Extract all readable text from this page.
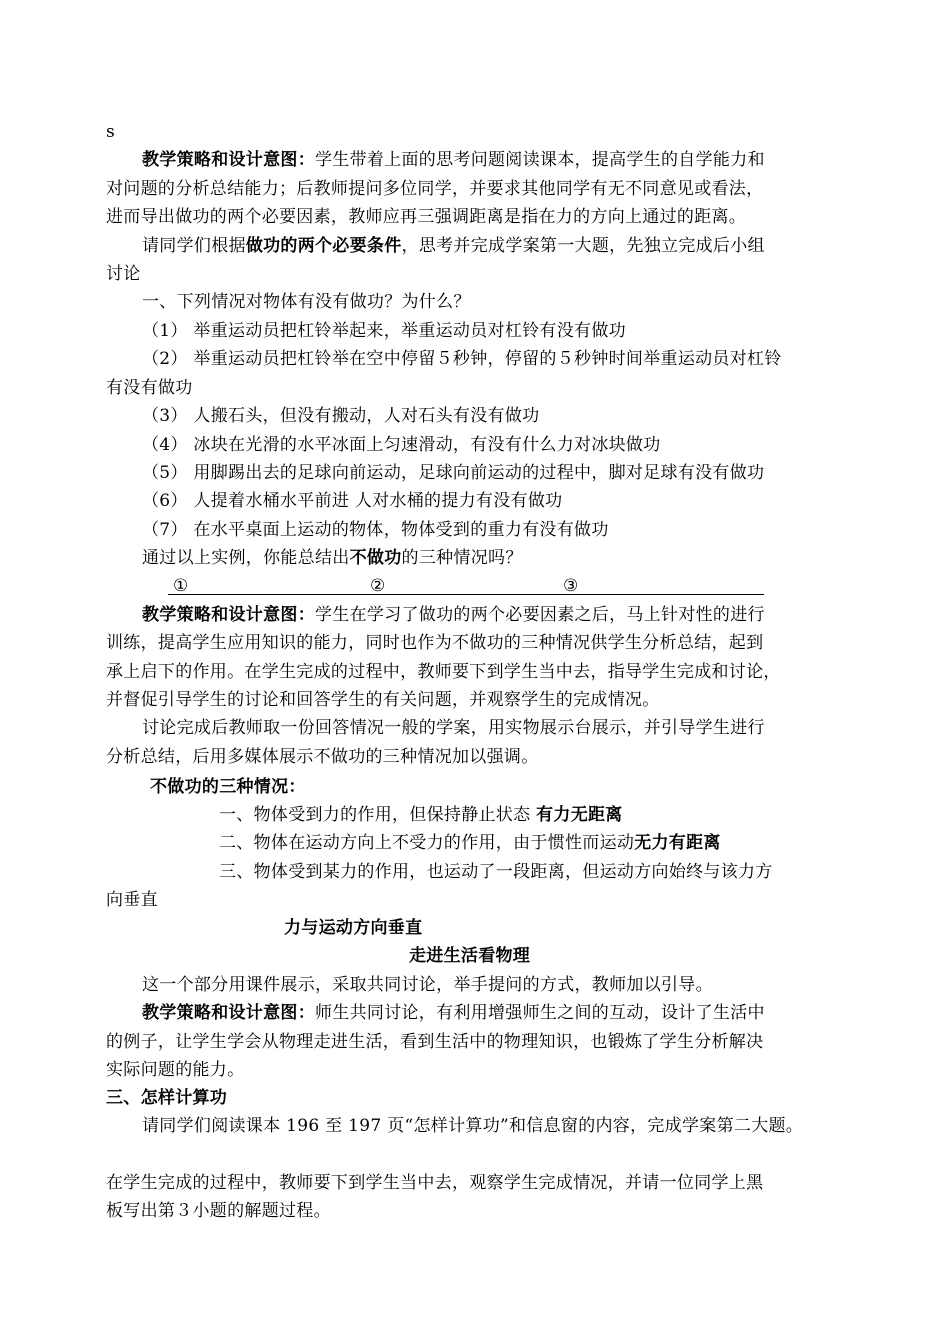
s
教学策略和设计意图：学生带着上面的思考问题阅读课本，提高学生的自学能力和
对问题的分析总结能力；后教师提问多位同学，并要求其他同学有无不同意见或看法，
进而导出做功的两个必要因素，教师应再三强调距离是指在力的方向上通过的距离。
请同学们根据做功的两个必要条件，思考并完成学案第一大题，先独立完成后小组
讨论
一、下列情况对物体有没有做功？为什么？
（1） 举重运动员把杠铃举起来，举重运动员对杠铃有没有做功
（2） 举重运动员把杠铃举在空中停留５秒钟，停留的５秒钟时间举重运动员对杠铃
有没有做功
（3） 人搬石头，但没有搬动，人对石头有没有做功
（4） 冰块在光滑的水平冰面上匀速滑动，有没有什么力对冰块做功
（5） 用脚踢出去的足球向前运动，足球向前运动的过程中，脚对足球有没有做功
（6） 人提着水桶水平前进 人对水桶的提力有没有做功
（7） 在水平桌面上运动的物体，物体受到的重力有没有做功
通过以上实例，你能总结出不做功的三种情况吗？
①	②	③
教学策略和设计意图：学生在学习了做功的两个必要因素之后，马上针对性的进行
训练，提高学生应用知识的能力，同时也作为不做功的三种情况供学生分析总结，起到
承上启下的作用。在学生完成的过程中，教师要下到学生当中去，指导学生完成和讨论，
并督促引导学生的讨论和回答学生的有关问题，并观察学生的完成情况。
讨论完成后教师取一份回答情况一般的学案，用实物展示台展示，并引导学生进行
分析总结，后用多媒体展示不做功的三种情况加以强调。
不做功的三种情况：
一、物体受到力的作用，但保持静止状态 有力无距离
二、物体在运动方向上不受力的作用，由于惯性而运动无力有距离
三、物体受到某力的作用，也运动了一段距离，但运动方向始终与该力方
向垂直
力与运动方向垂直
走进生活看物理
这一个部分用课件展示，采取共同讨论，举手提问的方式，教师加以引导。
教学策略和设计意图：师生共同讨论，有利用增强师生之间的互动，设计了生活中
的例子，让学生学会从物理走进生活，看到生活中的物理知识，也锻炼了学生分析解决
实际问题的能力。
三、怎样计算功
请同学们阅读课本 196 至 197 页“怎样计算功”和信息窗的内容，完成学案第二大题。
在学生完成的过程中，教师要下到学生当中去，观察学生完成情况，并请一位同学上黑
板写出第３小题的解题过程。
